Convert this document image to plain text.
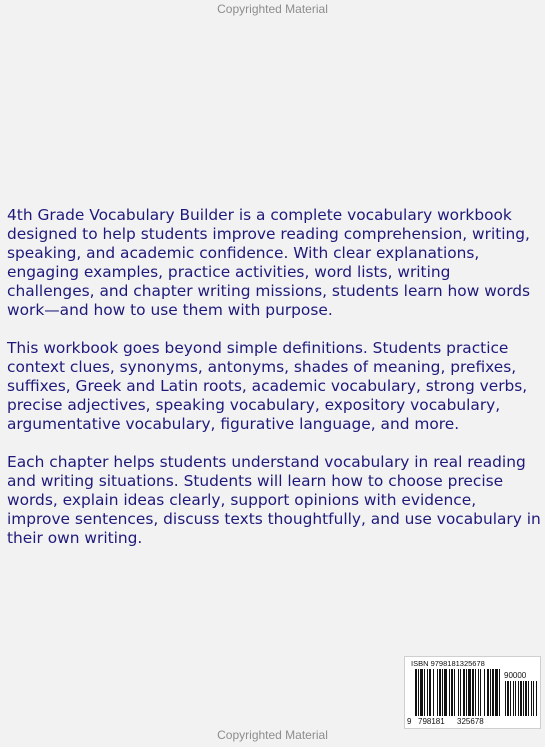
Copyrighted Material

4th Grade Vocabulary Builder is a complete vocabulary workbook designed to help students improve reading comprehension, writing, speaking, and academic confidence. With clear explanations, engaging examples, practice activities, word lists, writing challenges, and chapter writing missions, students learn how words work—and how to use them with purpose.

This workbook goes beyond simple definitions. Students practice context clues, synonyms, antonyms, shades of meaning, prefixes, suffixes, Greek and Latin roots, academic vocabulary, strong verbs, precise adjectives, speaking vocabulary, expository vocabulary, argumentative vocabulary, figurative language, and more.

Each chapter helps students understand vocabulary in real reading and writing situations. Students will learn how to choose precise words, explain ideas clearly, support opinions with evidence, improve sentences, discuss texts thoughtfully, and use vocabulary in their own writing.

ISBN 9798181325678
90000
9 798181 325678
Copyrighted Material
